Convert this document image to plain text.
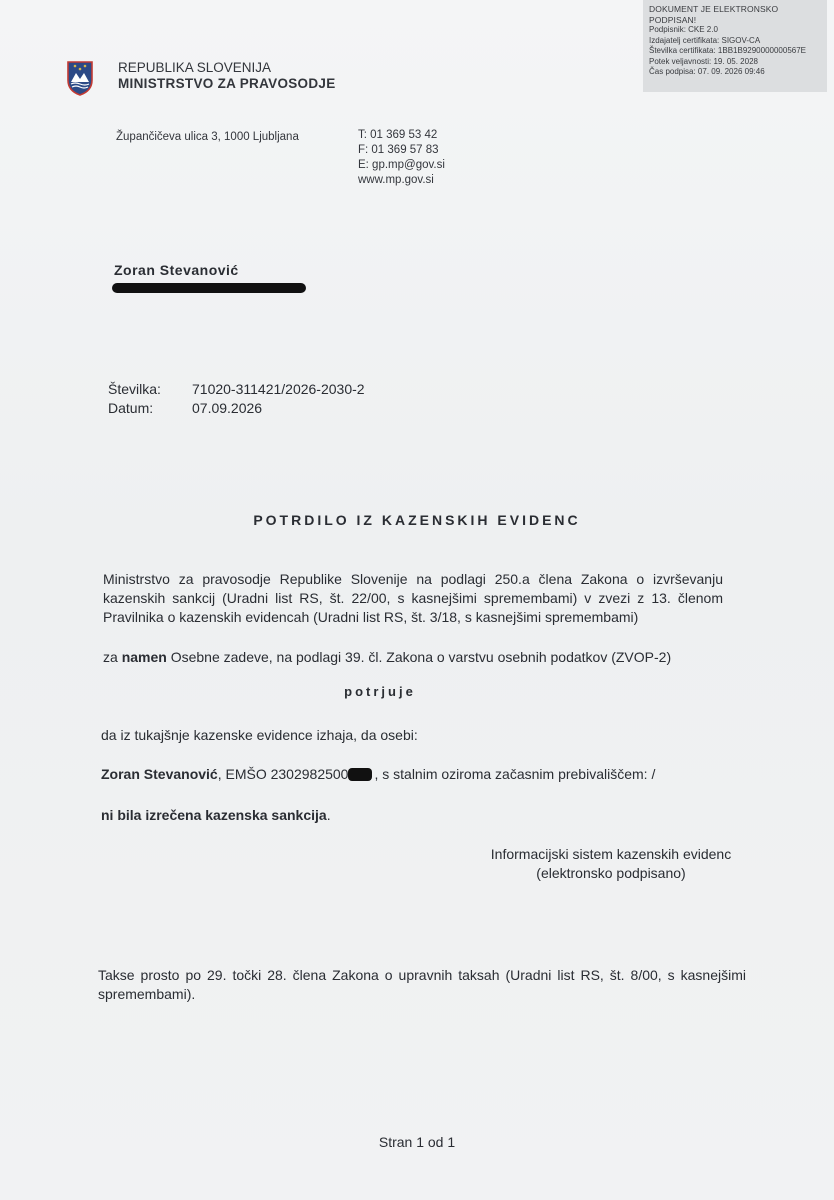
DOKUMENT JE ELEKTRONSKO PODPISAN!
Podpisnik: CKE 2.0
Izdajatelj certifikata: SIGOV-CA
Številka certifikata: 1BB1B9290000000567E
Potek veljavnosti: 19. 05. 2028
Čas podpisa: 07. 09. 2026 09:46
REPUBLIKA SLOVENIJA
MINISTRSTVO ZA PRAVOSODJE
Župančičeva ulica 3, 1000 Ljubljana	T: 01 369 53 42
F: 01 369 57 83
E: gp.mp@gov.si
www.mp.gov.si
Zoran Stevanović
Številka:	71020-311421/2026-2030-2
Datum:	07.09.2026
POTRDILO IZ KAZENSKIH EVIDENC
Ministrstvo za pravosodje Republike Slovenije na podlagi 250.a člena Zakona o izvrševanju kazenskih sankcij (Uradni list RS, št. 22/00, s kasnejšimi spremembami) v zvezi z 13. členom Pravilnika o kazenskih evidencah (Uradni list RS, št. 3/18, s kasnejšimi spremembami)
za namen Osebne zadeve, na podlagi 39. čl. Zakona o varstvu osebnih podatkov (ZVOP-2)
potrjuje
da iz tukajšnje kazenske evidence izhaja, da osebi:
Zoran Stevanović, EMŠO 2302982500 , s stalnim oziroma začasnim prebivališčem: /
ni bila izrečena kazenska sankcija.
Informacijski sistem kazenskih evidenc
(elektronsko podpisano)
Takse prosto po 29. točki 28. člena Zakona o upravnih taksah (Uradni list RS, št. 8/00, s kasnejšimi spremembami).
Stran 1 od 1
